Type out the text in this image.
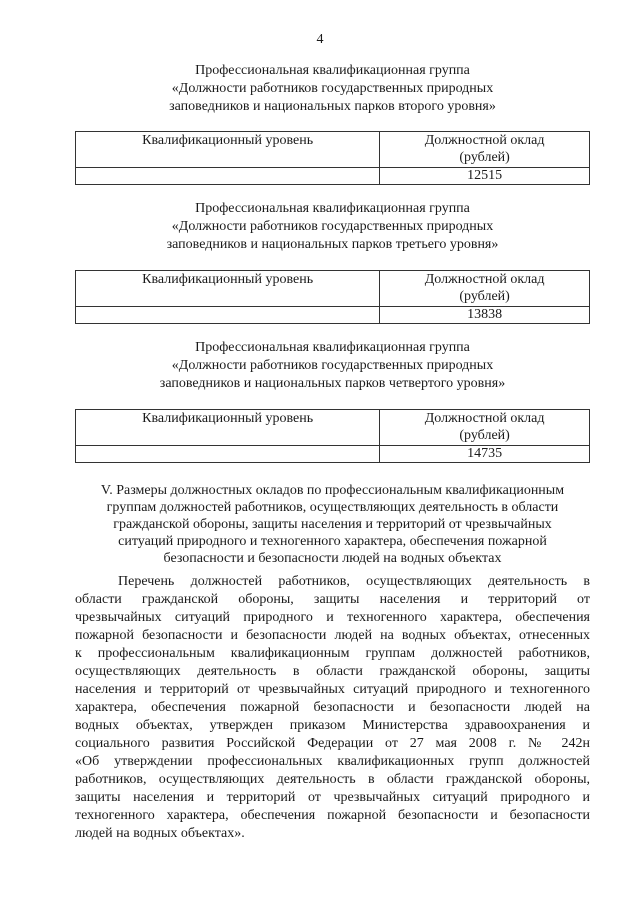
4
Профессиональная квалификационная группа
«Должности работников государственных природных
заповедников и национальных парков второго уровня»
Квалификационный уровень	Должностной оклад
(рублей)

	12515
Профессиональная квалификационная группа
«Должности работников государственных природных
заповедников и национальных парков третьего уровня»
Квалификационный уровень	Должностной оклад
(рублей)

	13838
Профессиональная квалификационная группа
«Должности работников государственных природных
заповедников и национальных парков четвертого уровня»
Квалификационный уровень	Должностной оклад
(рублей)

	14735
V. Размеры должностных окладов по профессиональным квалификационным
группам должностей работников, осуществляющих деятельность в области
гражданской обороны, защиты населения и территорий от чрезвычайных
ситуаций природного и техногенного характера, обеспечения пожарной
безопасности и безопасности людей на водных объектах
Перечень должностей работников, осуществляющих деятельность в
области гражданской обороны, защиты населения и территорий от
чрезвычайных ситуаций природного и техногенного характера, обеспечения
пожарной безопасности и безопасности людей на водных объектах, отнесенных
к профессиональным квалификационным группам должностей работников,
осуществляющих деятельность в области гражданской обороны, защиты
населения и территорий от чрезвычайных ситуаций природного и техногенного
характера, обеспечения пожарной безопасности и безопасности людей на
водных объектах, утвержден приказом Министерства здравоохранения и
социального развития Российской Федерации от 27 мая 2008 г. № 242н
«Об утверждении профессиональных квалификационных групп должностей
работников, осуществляющих деятельность в области гражданской обороны,
защиты населения и территорий от чрезвычайных ситуаций природного и
техногенного характера, обеспечения пожарной безопасности и безопасности
людей на водных объектах».
